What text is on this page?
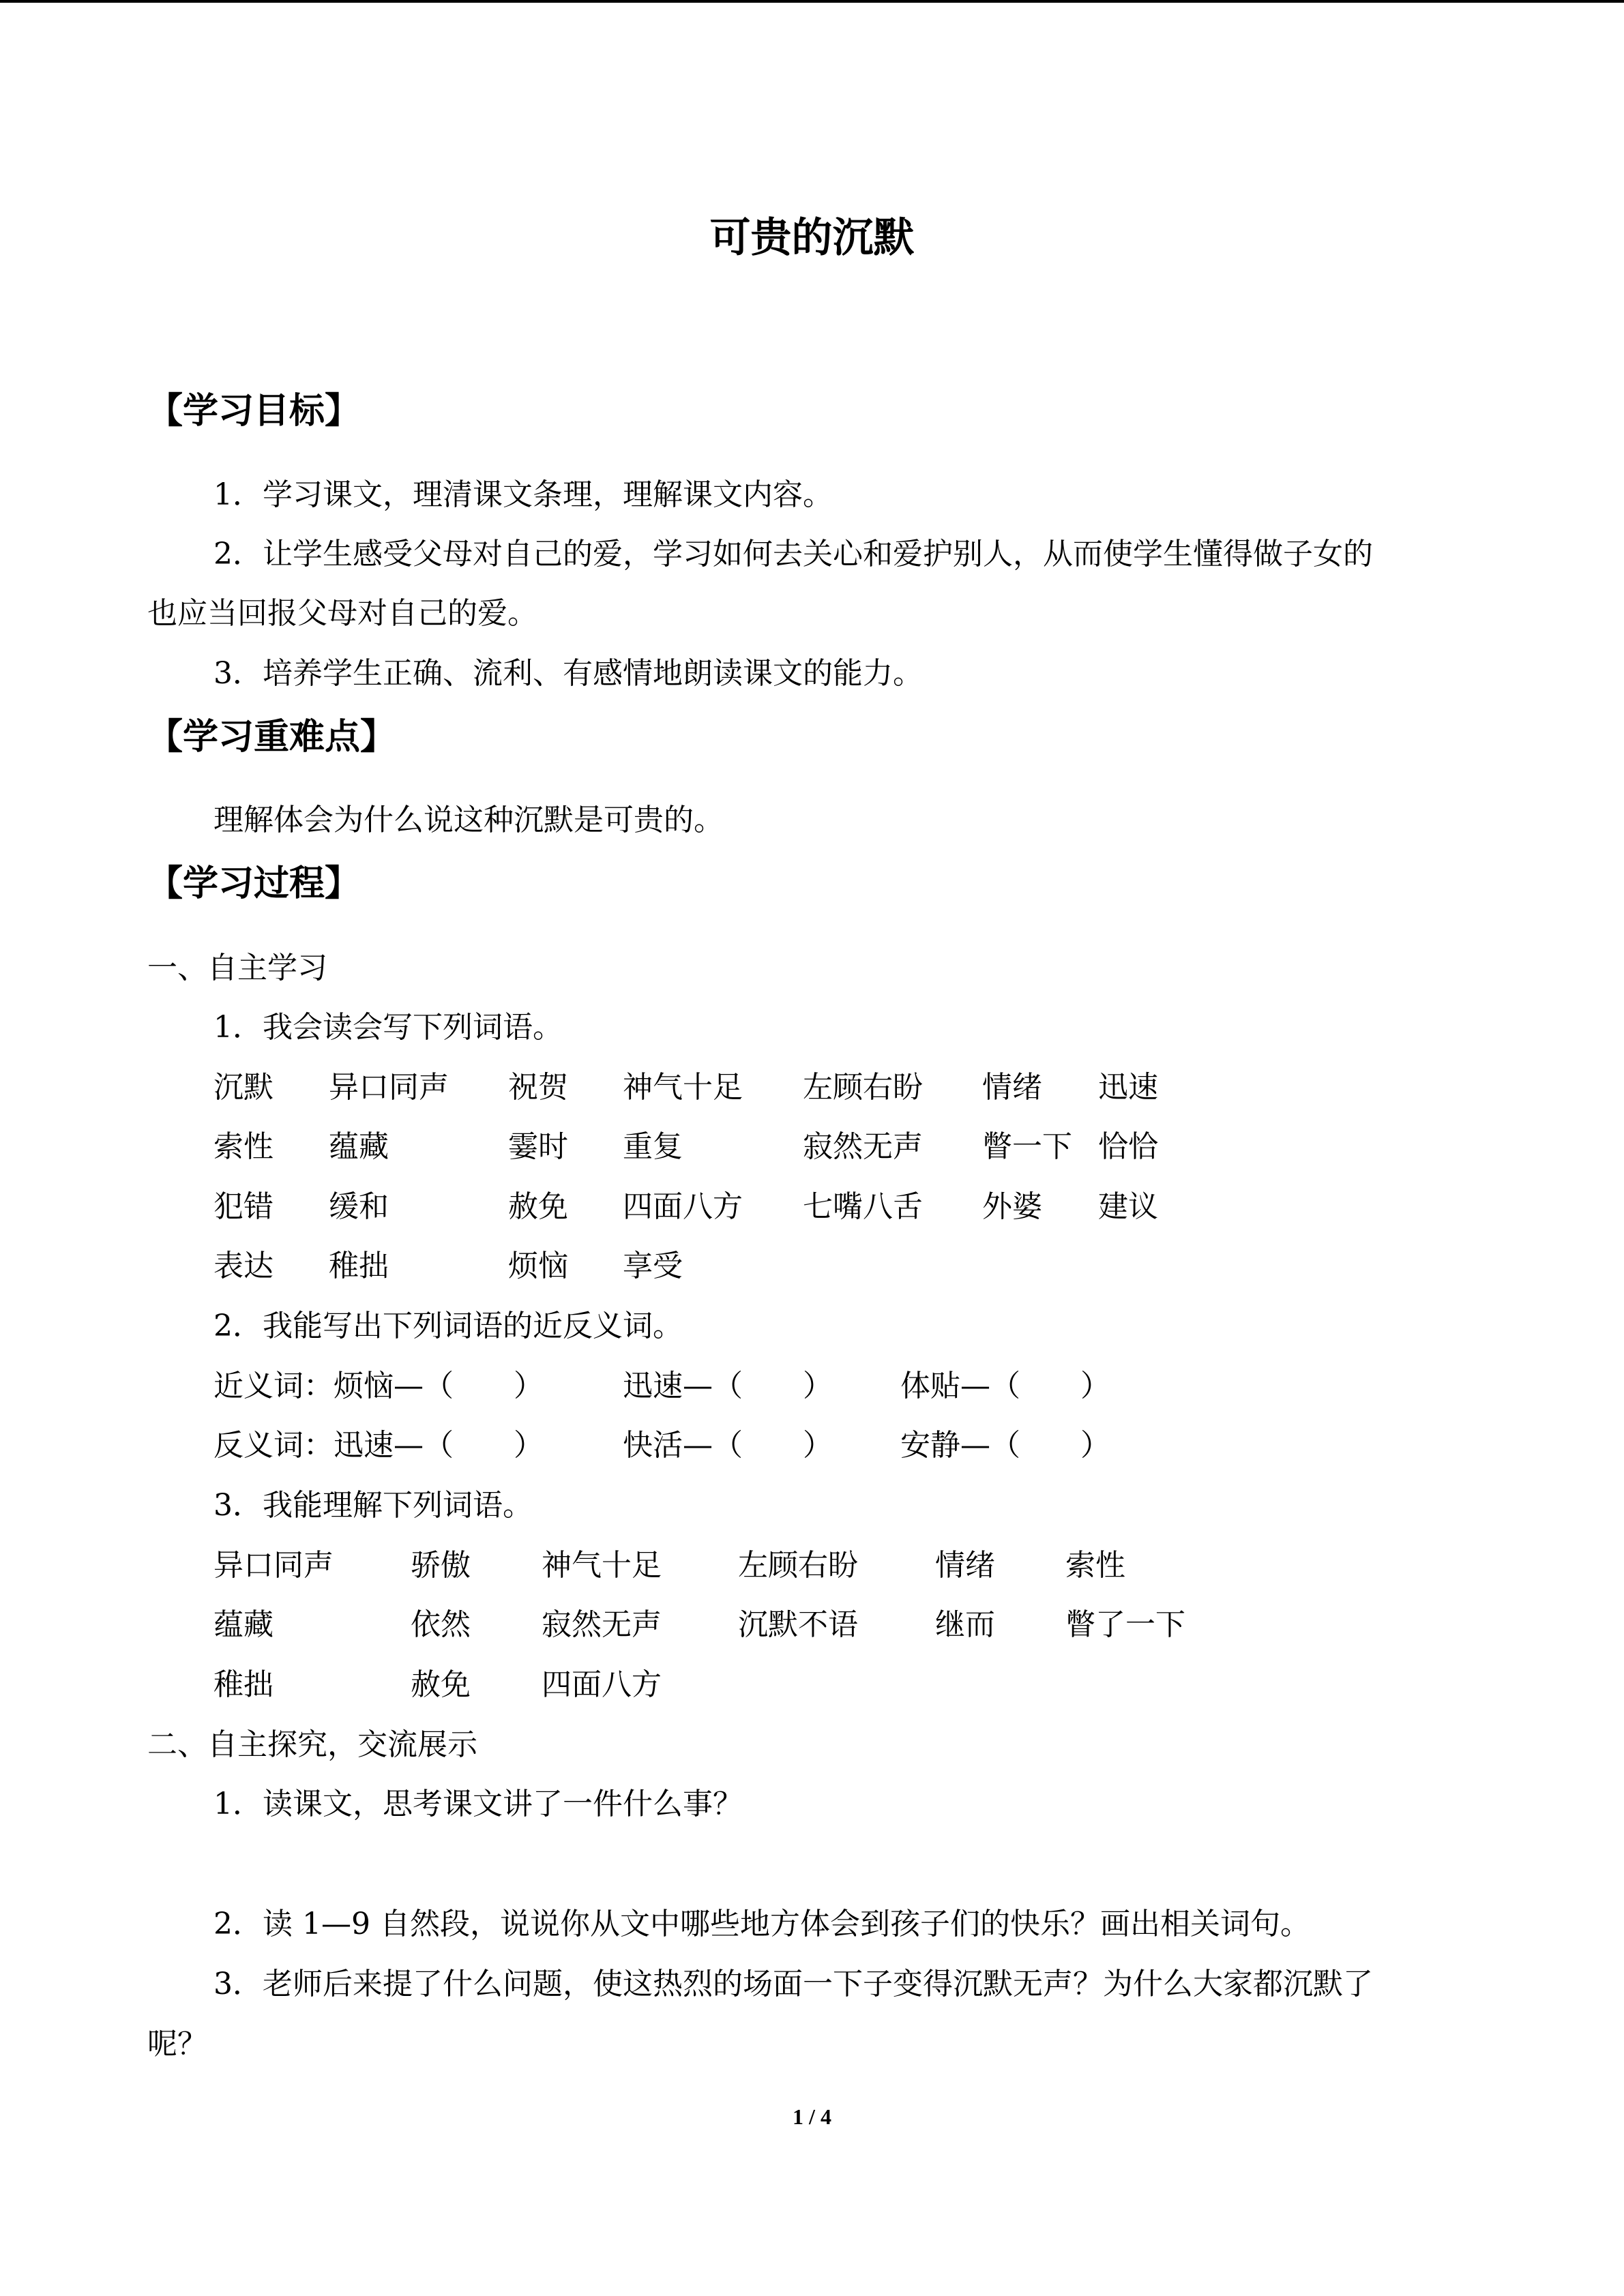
可贵的沉默
【学习目标】
1．学习课文，理清课文条理，理解课文内容。
2．让学生感受父母对自己的爱，学习如何去关心和爱护别人，从而使学生懂得做子女的
也应当回报父母对自己的爱。
3．培养学生正确、流利、有感情地朗读课文的能力。
【学习重难点】
理解体会为什么说这种沉默是可贵的。
【学习过程】
一、自主学习
1．我会读会写下列词语。
沉默 异口同声 祝贺 神气十足 左顾右盼 情绪 迅速
索性 蕴藏	霎时 重复	寂然无声 瞥一下 恰恰
犯错 缓和	赦免 四面八方 七嘴八舌 外婆 建议
表达 稚拙	烦恼 享受
2．我能写出下列词语的近反义词。
近义词：烦恼—（　　）	迅速—（　　） 体贴—（　　）
反义词：迅速—（　　）	快活—（　　） 安静—（　　）
3．我能理解下列词语。
异口同声	骄傲 神气十足	左顾右盼	情绪 索性
蕴藏	依然 寂然无声	沉默不语	继而 瞥了一下
稚拙	赦免 四面八方
二、自主探究，交流展示
1．读课文，思考课文讲了一件什么事？
2．读 1—9 自然段，说说你从文中哪些地方体会到孩子们的快乐？画出相关词句。
3．老师后来提了什么问题，使这热烈的场面一下子变得沉默无声？为什么大家都沉默了
呢？
1 / 4
